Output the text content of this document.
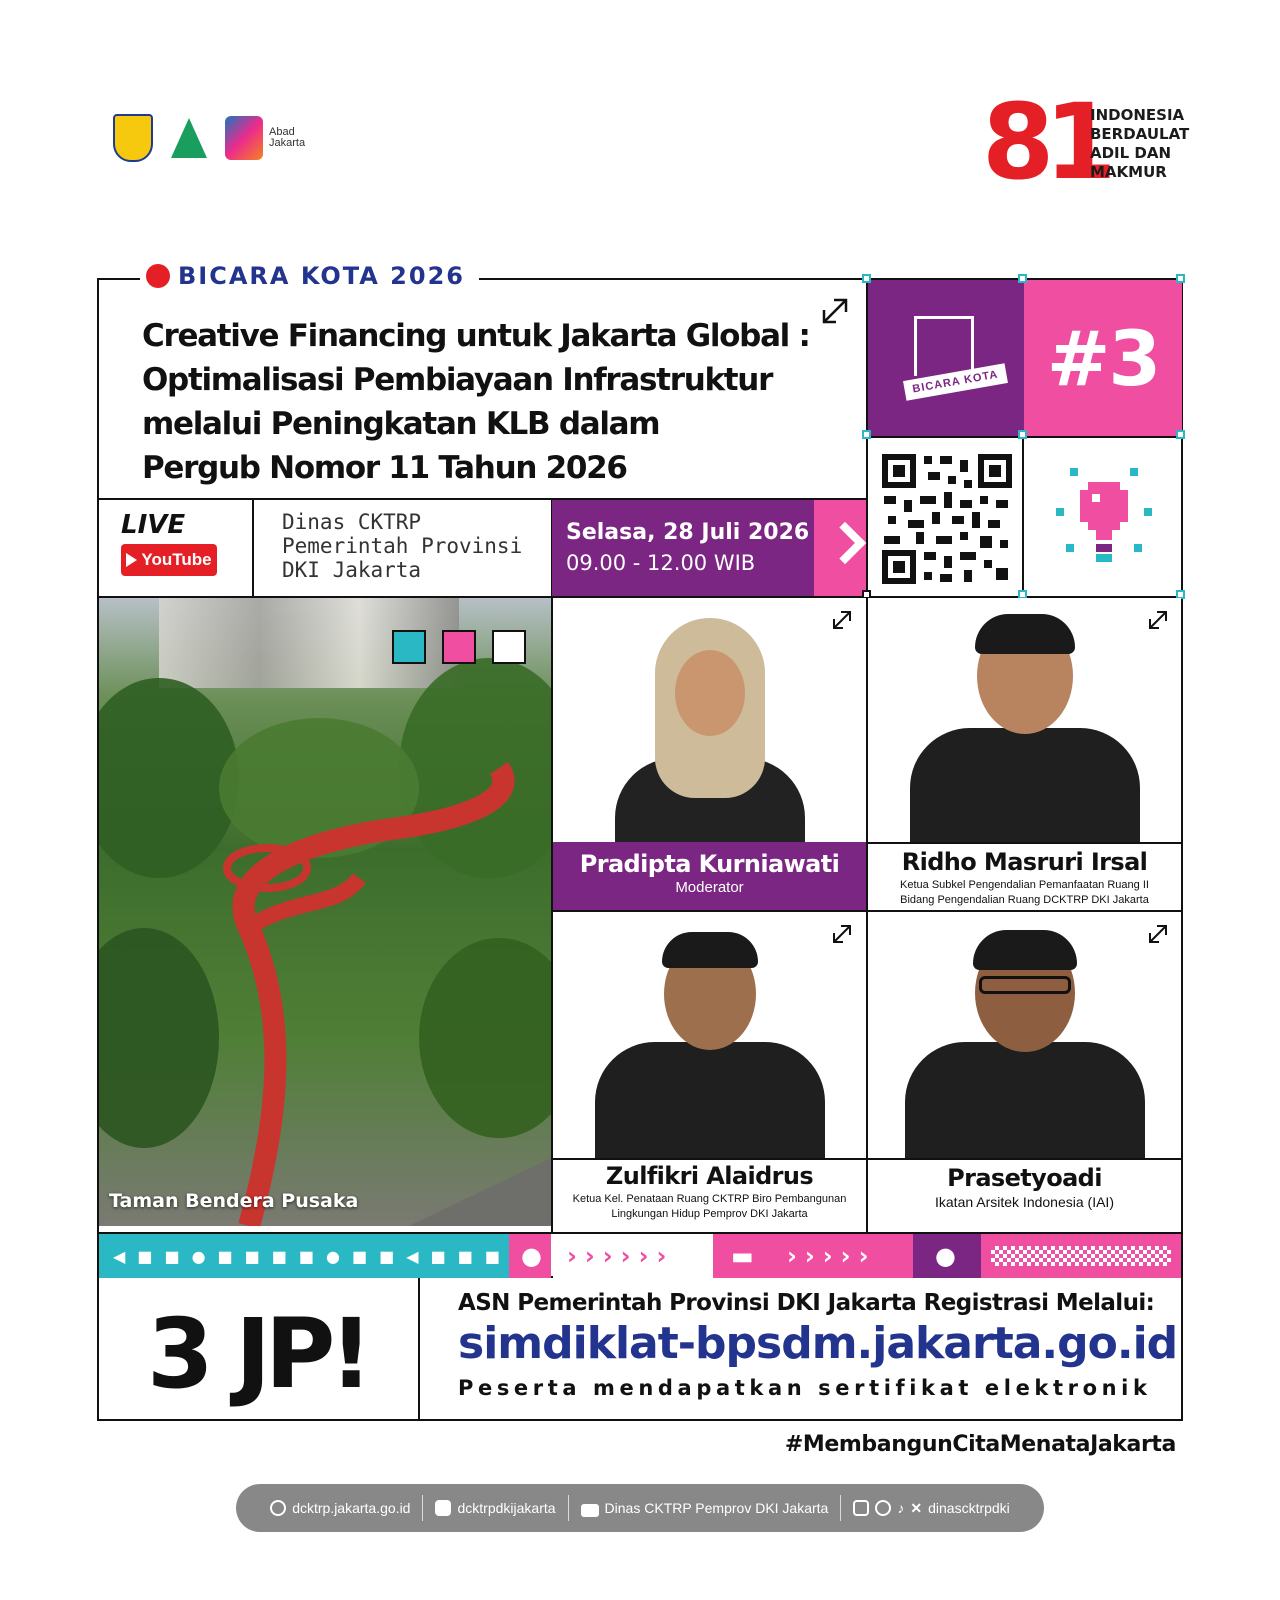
Abad
Jakarta	81
INDONESIA
BERDAULAT
ADIL DAN
MAKMUR
BICARA KOTA 2026
Creative Financing untuk Jakarta Global :
Optimalisasi Pembiayaan Infrastruktur
melalui Peningkatan KLB dalam
Pergub Nomor 11 Tahun 2026
LIVE
YouTube
Dinas CKTRP
Pemerintah Provinsi
DKI Jakarta
Selasa, 28 Juli 2026
09.00 - 12.00 WIB
BICARA KOTA #3
Taman Bendera Pusaka
Pradipta Kurniawati
Moderator
Ridho Masruri Irsal
Ketua Subkel Pengendalian Pemanfaatan Ruang II
Bidang Pengendalian Ruang DCKTRP DKI Jakarta
Zulfikri Alaidrus
Ketua Kel. Penataan Ruang CKTRP Biro Pembangunan
Lingkungan Hidup Pemprov DKI Jakarta
Prasetyoadi
Ikatan Arsitek Indonesia (IAI)
◀ ■ ■ ● ■ ■ ■ ■ ● ■ ■ ◀ ■ ■ ■ ● › › › › › ›	▬ › › › › ›	●
3 JP!	ASN Pemerintah Provinsi DKI Jakarta Registrasi Melalui:
simdiklat-bpsdm.jakarta.go.id
Peserta mendapatkan sertifikat elektronik
#MembangunCitaMenataJakarta
dcktrp.jakarta.go.id	dcktrpdkijakarta	Dinas CKTRP Pemprov DKI Jakarta	♪ ✕ dinascktrpdki
